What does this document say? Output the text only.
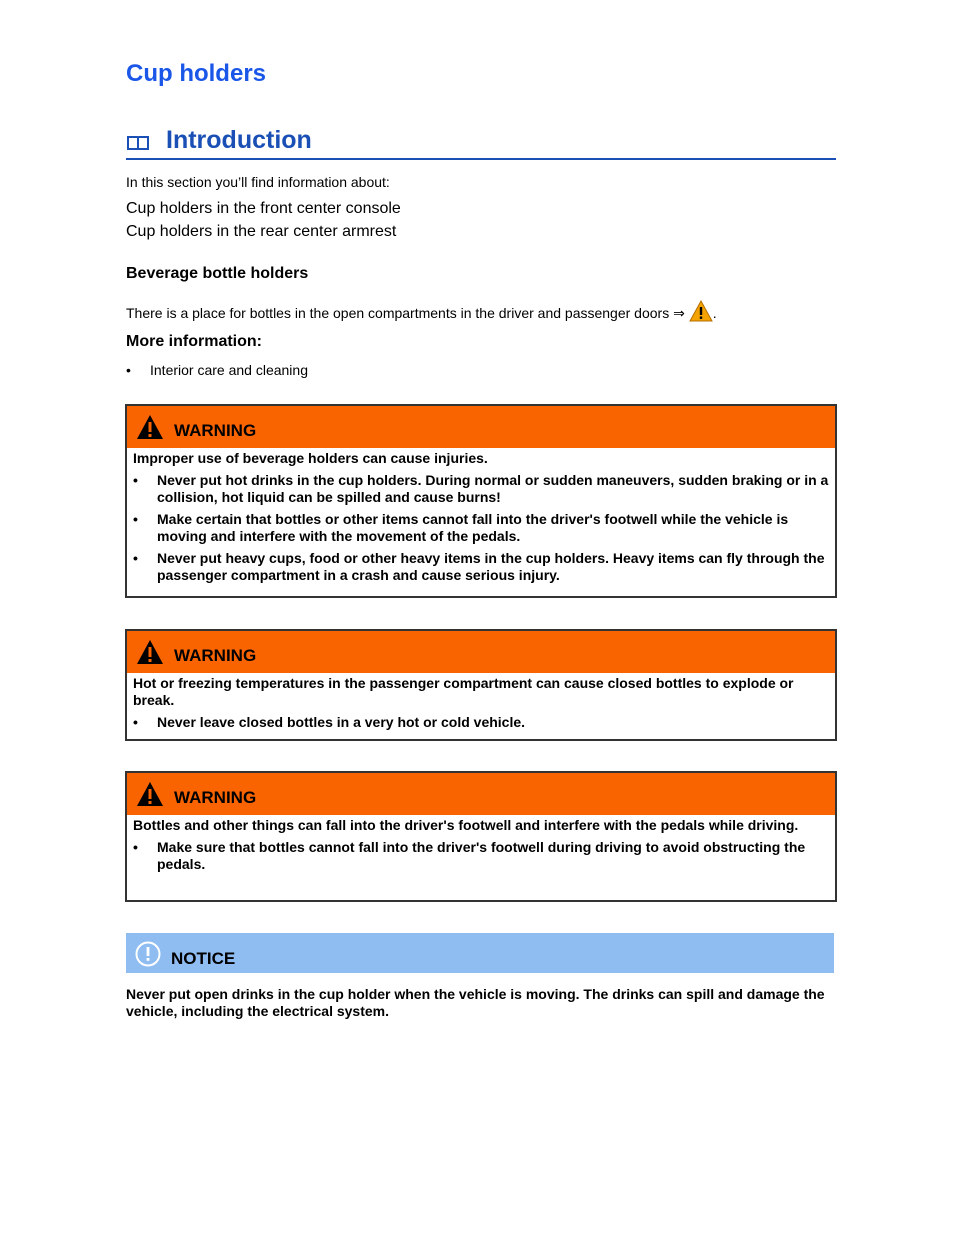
Cup holders
Introduction
In this section you’ll find information about:
Cup holders in the front center console
Cup holders in the rear center armrest
Beverage bottle holders
There is a place for bottles in the open compartments in the driver and passenger doors ⇒ .
More information:
• Interior care and cleaning
WARNING

Improper use of beverage holders can cause injuries.

• Never put hot drinks in the cup holders. During normal or sudden maneuvers, sudden braking or in a collision, hot liquid can be spilled and cause burns!
• Make certain that bottles or other items cannot fall into the driver's footwell while the vehicle is moving and interfere with the movement of the pedals.
• Never put heavy cups, food or other heavy items in the cup holders. Heavy items can fly through the passenger compartment in a crash and cause serious injury.
WARNING

Hot or freezing temperatures in the passenger compartment can cause closed bottles to explode or break.

• Never leave closed bottles in a very hot or cold vehicle.
WARNING

Bottles and other things can fall into the driver's footwell and interfere with the pedals while driving.

• Make sure that bottles cannot fall into the driver's footwell during driving to avoid obstructing the pedals.
NOTICE
Never put open drinks in the cup holder when the vehicle is moving. The drinks can spill and damage the vehicle, including the electrical system.
